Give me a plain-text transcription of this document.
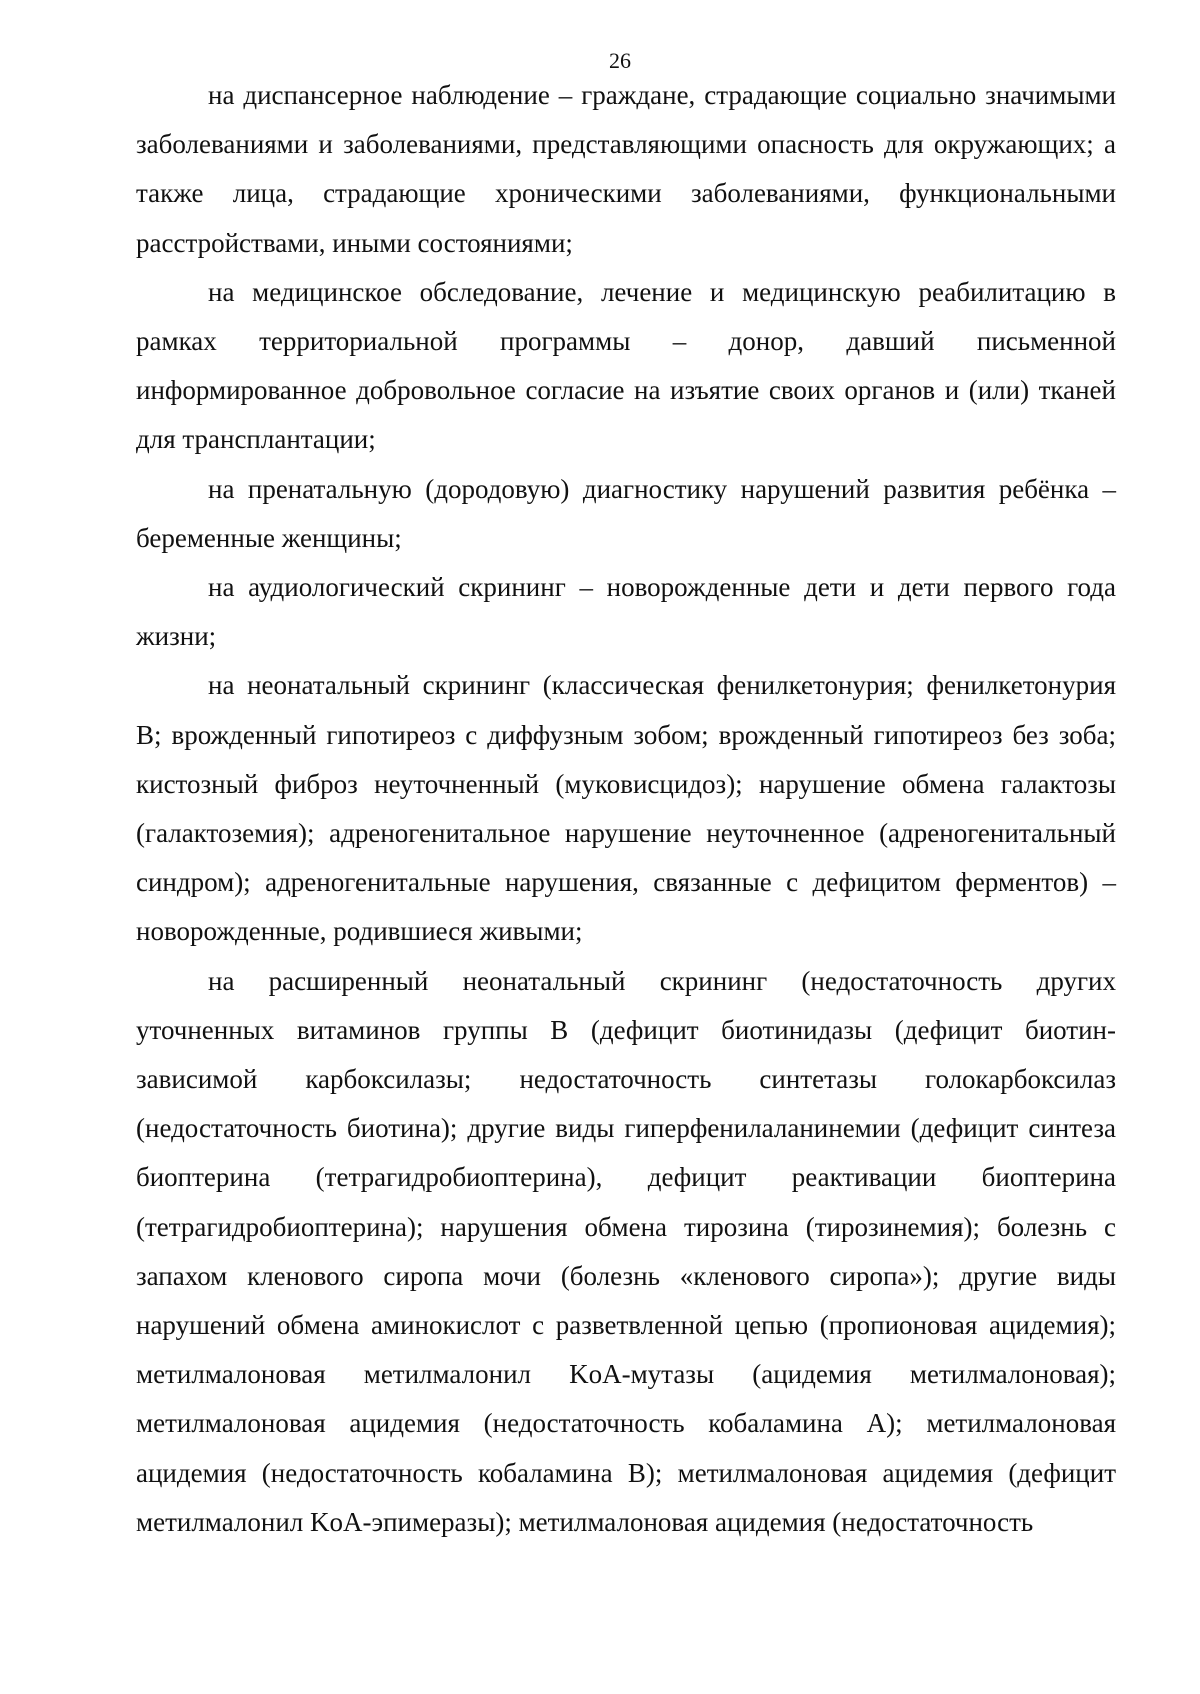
26

на диспансерное наблюдение – граждане, страдающие социально значимыми заболеваниями и заболеваниями, представляющими опасность для окружающих; а также лица, страдающие хроническими заболеваниями, функциональными расстройствами, иными состояниями;

на медицинское обследование, лечение и медицинскую реабилитацию в рамках территориальной программы – донор, давший письменной информированное добровольное согласие на изъятие своих органов и (или) тканей для трансплантации;

на пренатальную (дородовую) диагностику нарушений развития ребёнка – беременные женщины;

на аудиологический скрининг – новорожденные дети и дети первого года жизни;

на неонатальный скрининг (классическая фенилкетонурия; фенилкетонурия B; врожденный гипотиреоз с диффузным зобом; врожденный гипотиреоз без зоба; кистозный фиброз неуточненный (муковисцидоз); нарушение обмена галактозы (галактоземия); адреногенитальное нарушение неуточненное (адреногенитальный синдром); адреногенитальные нарушения, связанные с дефицитом ферментов) – новорожденные, родившиеся живыми;

на расширенный неонатальный скрининг (недостаточность других уточненных витаминов группы B (дефицит биотинидазы (дефицит биотин-зависимой карбоксилазы; недостаточность синтетазы голокарбоксилаз (недостаточность биотина); другие виды гиперфенилаланинемии (дефицит синтеза биоптерина (тетрагидробиоптерина), дефицит реактивации биоптерина (тетрагидробиоптерина); нарушения обмена тирозина (тирозинемия); болезнь с запахом кленового сиропа мочи (болезнь «кленового сиропа»); другие виды нарушений обмена аминокислот с разветвленной цепью (пропионовая ацидемия); метилмалоновая метилмалонил KoA-мутазы (ацидемия метилмалоновая); метилмалоновая ацидемия (недостаточность кобаламина A); метилмалоновая ацидемия (недостаточность кобаламина B); метилмалоновая ацидемия (дефицит метилмалонил KoA-эпимеразы); метилмалоновая ацидемия (недостаточность
